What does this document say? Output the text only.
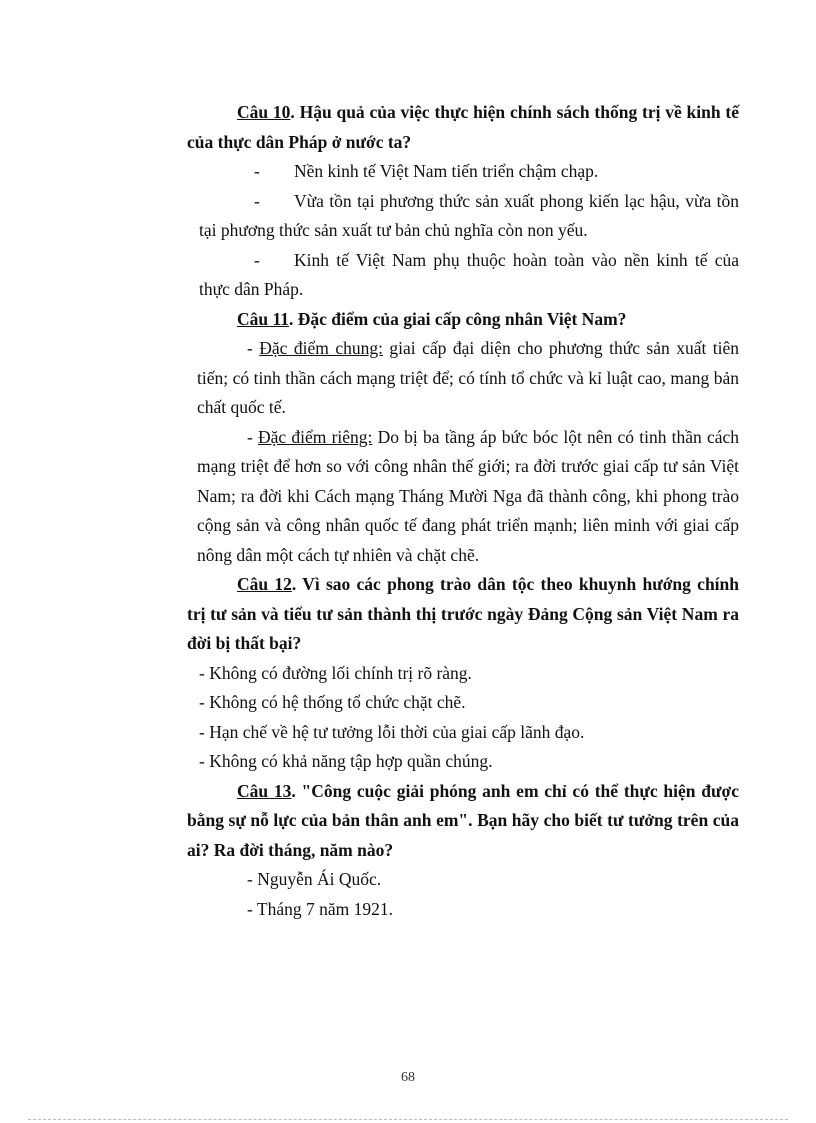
Câu 10. Hậu quả của việc thực hiện chính sách thống trị về kinh tế của thực dân Pháp ở nước ta?

- Nền kinh tế Việt Nam tiến triển chậm chạp.

- Vừa tồn tại phương thức sản xuất phong kiến lạc hậu, vừa tồn tại phương thức sản xuất tư bản chủ nghĩa còn non yếu.

- Kinh tế Việt Nam phụ thuộc hoàn toàn vào nền kinh tế của thực dân Pháp.

Câu 11. Đặc điểm của giai cấp công nhân Việt Nam?

- Đặc điểm chung: giai cấp đại diện cho phương thức sản xuất tiên tiến; có tinh thần cách mạng triệt để; có tính tổ chức và kỉ luật cao, mang bản chất quốc tế.

- Đặc điểm riêng: Do bị ba tầng áp bức bóc lột nên có tinh thần cách mạng triệt để hơn so với công nhân thế giới; ra đời trước giai cấp tư sản Việt Nam; ra đời khi Cách mạng Tháng Mười Nga đã thành công, khi phong trào cộng sản và công nhân quốc tế đang phát triển mạnh; liên minh với giai cấp nông dân một cách tự nhiên và chặt chẽ.

Câu 12. Vì sao các phong trào dân tộc theo khuynh hướng chính trị tư sản và tiểu tư sản thành thị trước ngày Đảng Cộng sản Việt Nam ra đời bị thất bại?

- Không có đường lối chính trị rõ ràng.

- Không có hệ thống tổ chức chặt chẽ.

- Hạn chế về hệ tư tưởng lỗi thời của giai cấp lãnh đạo.

- Không có khả năng tập hợp quần chúng.

Câu 13. "Công cuộc giải phóng anh em chỉ có thể thực hiện được bằng sự nỗ lực của bản thân anh em". Bạn hãy cho biết tư tưởng trên của ai? Ra đời tháng, năm nào?

- Nguyễn Ái Quốc.

- Tháng 7 năm 1921.

68
